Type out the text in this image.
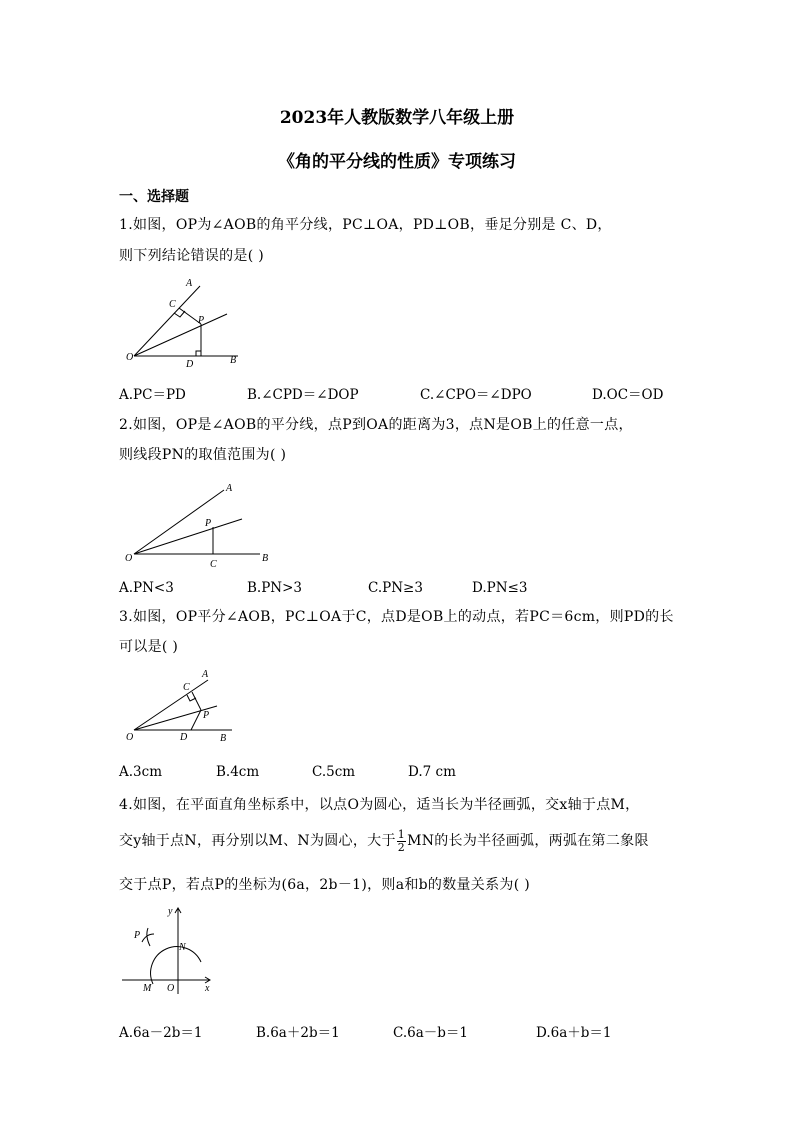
2023年人教版数学八年级上册
《角的平分线的性质》专项练习
一、选择题
1.如图，OP为∠AOB的角平分线，PC⊥OA，PD⊥OB，垂足分别是 C、D，
则下列结论错误的是( )
A
C
P
O
D	B
A.PC＝PD	B.∠CPD＝∠DOP	C.∠CPO＝∠DPO	D.OC＝OD
2.如图，OP是∠AOB的平分线，点P到OA的距离为3，点N是OB上的任意一点，
则线段PN的取值范围为( )
A
P
O
C
B
A.PN<3	B.PN>3	C.PN≥3	D.PN≤3
3.如图，OP平分∠AOB，PC⊥OA于C，点D是OB上的动点，若PC＝6cm，则PD的长
可以是( )
C
A
P
O	D	B
A.3cm	B.4cm	C.5cm	D.7 cm
4.如图，在平面直角坐标系中，以点O为圆心，适当长为半径画弧，交x轴于点M，
交y轴于点N，再分别以M、N为圆心，大于 $\frac{1}{2}$ MN的长为半径画弧，两弧在第二象限
交于点P，若点P的坐标为(6a，2b－1)，则a和b的数量关系为( )
y
P
N
M O	x
A.6a－2b＝1	B.6a＋2b＝1	C.6a－b＝1	D.6a＋b＝1
